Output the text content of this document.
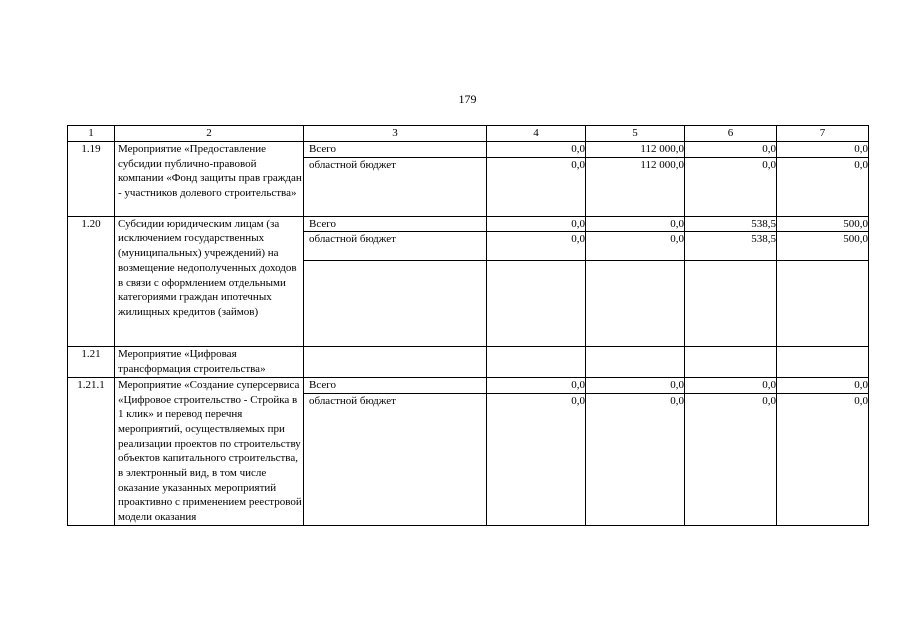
179
1	2	3	4	5	6	7
1.19	Мероприятие «Предоставление субсидии публично-правовой компании «Фонд защиты прав граждан - участников долевого строительства»	Всего	0,0	112 000,0	0,0	0,0
		областной бюджет	0,0	112 000,0	0,0	0,0
1.20	Субсидии юридическим лицам (за исключением государственных (муниципальных) учреждений) на возмещение недополученных доходов в связи с оформлением отдельными категориями граждан ипотечных жилищных кредитов (займов)	Всего	0,0	0,0	538,5	500,0
		областной бюджет	0,0	0,0	538,5	500,0

1.21	Мероприятие «Цифровая трансформация строительства»					
1.21.1	Мероприятие «Создание суперсервиса «Цифровое строительство - Стройка в 1 клик» и перевод перечня мероприятий, осуществляемых при реализации проектов по строительству объектов капитального строительства, в электронный вид, в том числе оказание указанных мероприятий проактивно с применением реестровой модели оказания	Всего	0,0	0,0	0,0	0,0
		областной бюджет	0,0	0,0	0,0	0,0
